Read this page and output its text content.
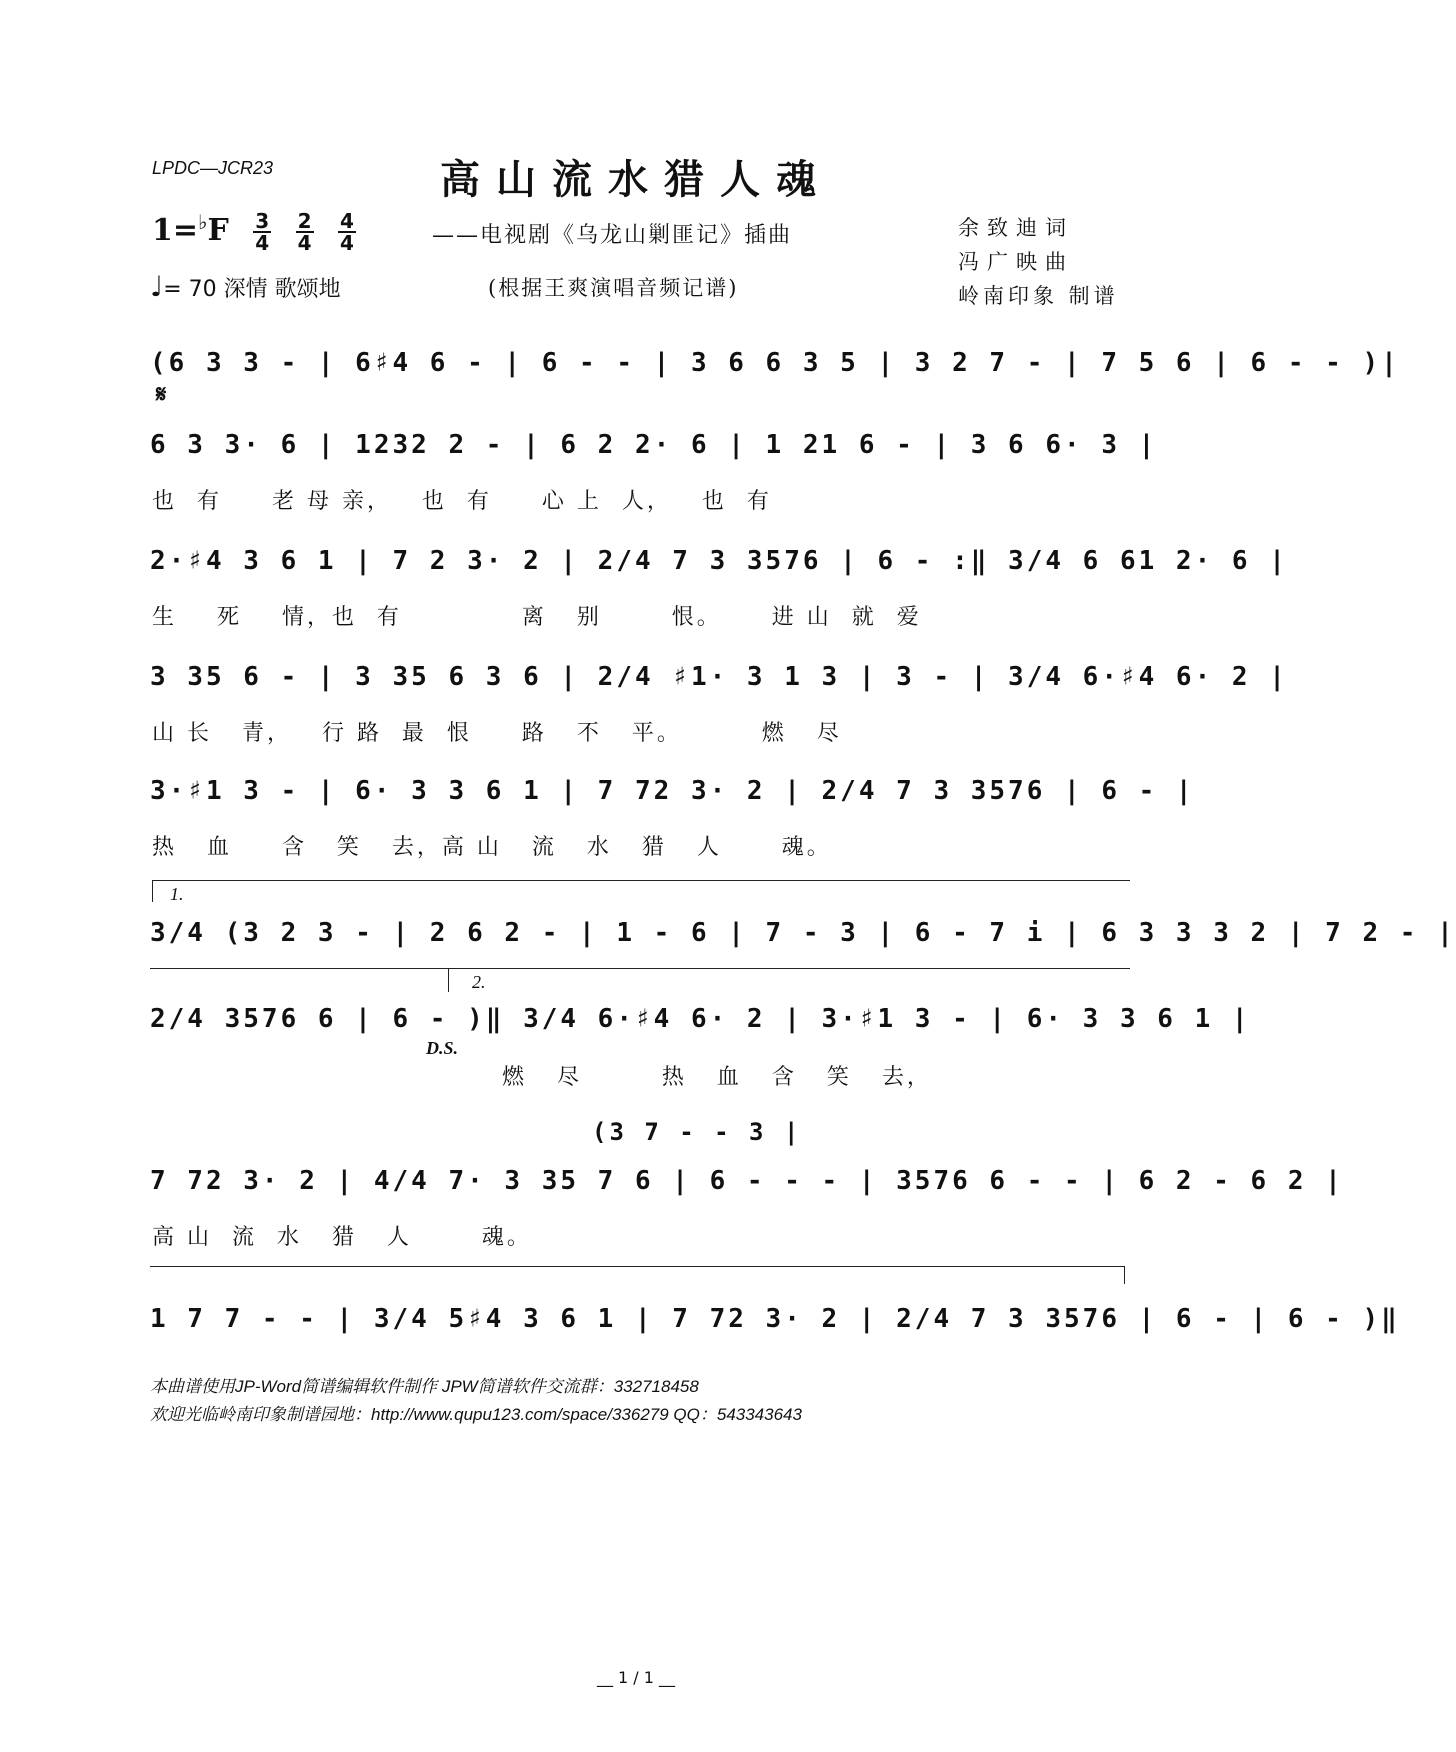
LPDC—JCR23	高山流水猎人魂
$1=^♭F \frac{3}{4} \frac{2}{4} \frac{4}{4}$
♩= 70 深情 歌颂地
——电视剧《乌龙山剿匪记》插曲
(根据王爽演唱音频记谱)
余致迪词
冯广映曲
岭南印象 制谱
(6 3 3 - | 6♯4 6 - | 6 - - | 3 6 6 3 5 | 3 2 7 - | 7 5 6 | 6 - - )|
𝄋
6 3 3· 6 | 1232 2 - | 6 2 2· 6 | 1 21 6 - | 3 6 6· 3 |
也  有     老 母 亲，   也  有     心 上  人，   也  有
2·♯4 3 6 1 | 7 2 3· 2 | 2/4 7 3 3576 | 6 - :‖ 3/4 6 61 2· 6 |
生    死    情，也  有            离   别       恨。     进 山  就  爱
3 35 6 - | 3 35 6 3 6 | 2/4 ♯1· 3 1 3 | 3 - | 3/4 6·♯4 6· 2 |
山 长   青，   行 路  最  恨     路   不   平。        燃   尽
3·♯1 3 - | 6· 3 3 6 1 | 7 72 3· 2 | 2/4 7 3 3576 | 6 - |
热   血     含   笑   去，高 山   流   水   猎   人      魂。
1.
3/4 (3 2 3 - | 2 6 2 - | 1 - 6 | 7 - 3 | 6 - 7 i | 6 3 3 3 2 | 7 2 - |
2.
2/4 3576 6 | 6 - )‖ 3/4 6·♯4 6· 2 | 3·♯1 3 - | 6· 3 3 6 1 |
D.S.
燃   尽        热   血   含   笑   去，
(3 7 - - 3 |
7 72 3· 2 | 4/4 7· 3 35 7 6 | 6 - - - | 3576 6 - - | 6 2 - 6 2 |
高 山  流  水   猎   人       魂。
1 7 7 - - | 3/4 5♯4 3 6 1 | 7 72 3· 2 | 2/4 7 3 3576 | 6 - | 6 - )‖
本曲谱使用JP-Word简谱编辑软件制作 JPW简谱软件交流群：332718458
欢迎光临岭南印象制谱园地：http://www.qupu123.com/space/336279 QQ：543343643
__ 1 / 1 __
